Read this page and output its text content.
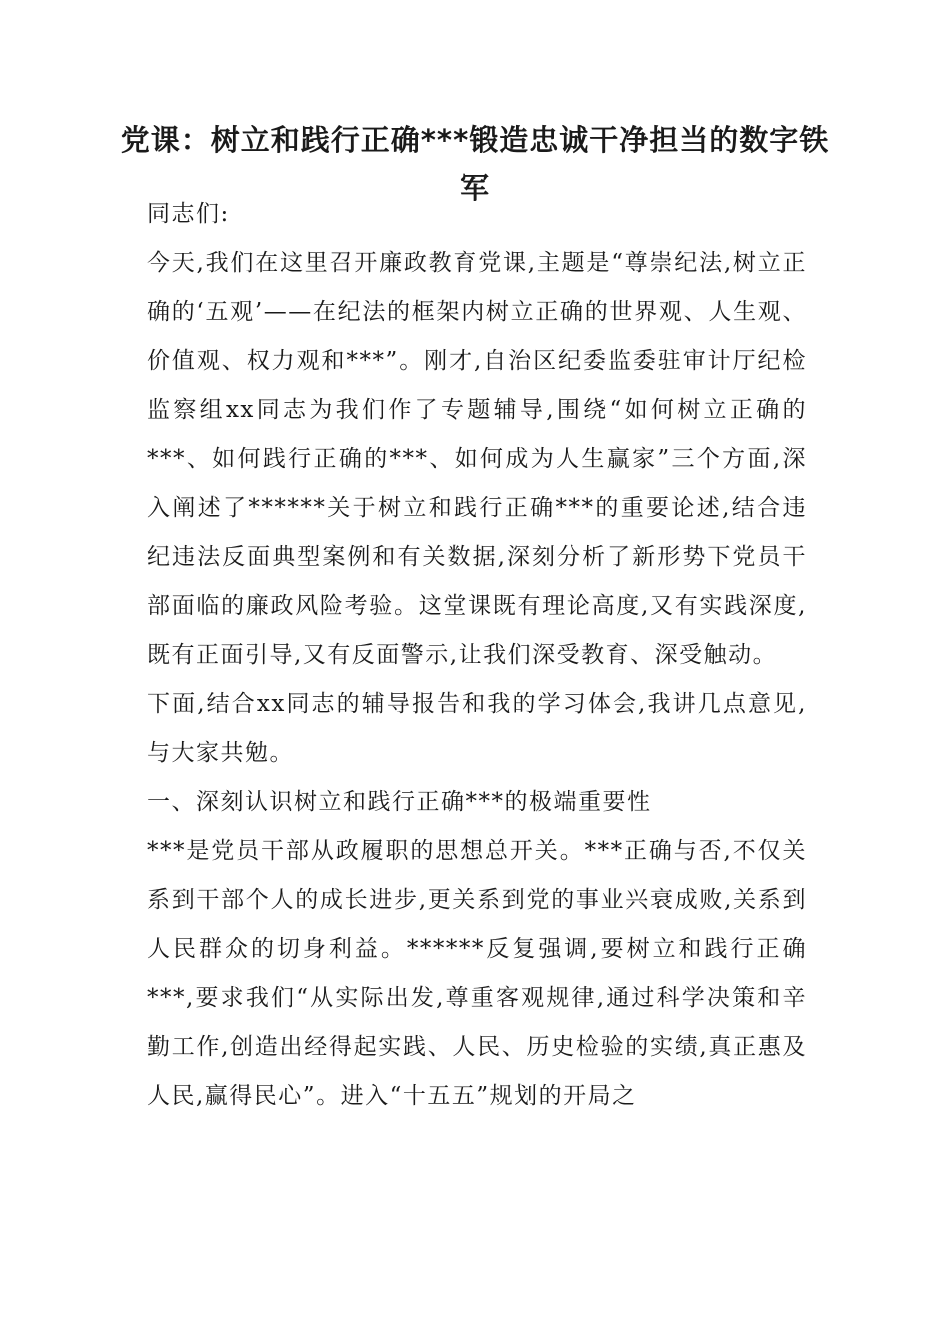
党课：树立和践行正确***锻造忠诚干净担当的数字铁军

同志们:

今天,我们在这里召开廉政教育党课,主题是“尊崇纪法,树立正确的‘五观’——在纪法的框架内树立正确的世界观、人生观、价值观、权力观和***”。刚才,自治区纪委监委驻审计厅纪检监察组xx同志为我们作了专题辅导,围绕“如何树立正确的***、如何践行正确的***、如何成为人生赢家”三个方面,深入阐述了******关于树立和践行正确***的重要论述,结合违纪违法反面典型案例和有关数据,深刻分析了新形势下党员干部面临的廉政风险考验。这堂课既有理论高度,又有实践深度,既有正面引导,又有反面警示,让我们深受教育、深受触动。

下面,结合xx同志的辅导报告和我的学习体会,我讲几点意见,与大家共勉。

一、深刻认识树立和践行正确***的极端重要性

***是党员干部从政履职的思想总开关。***正确与否,不仅关系到干部个人的成长进步,更关系到党的事业兴衰成败,关系到人民群众的切身利益。******反复强调,要树立和践行正确***,要求我们“从实际出发,尊重客观规律,通过科学决策和辛勤工作,创造出经得起实践、人民、历史检验的实绩,真正惠及人民,赢得民心”。进入“十五五”规划的开局之
